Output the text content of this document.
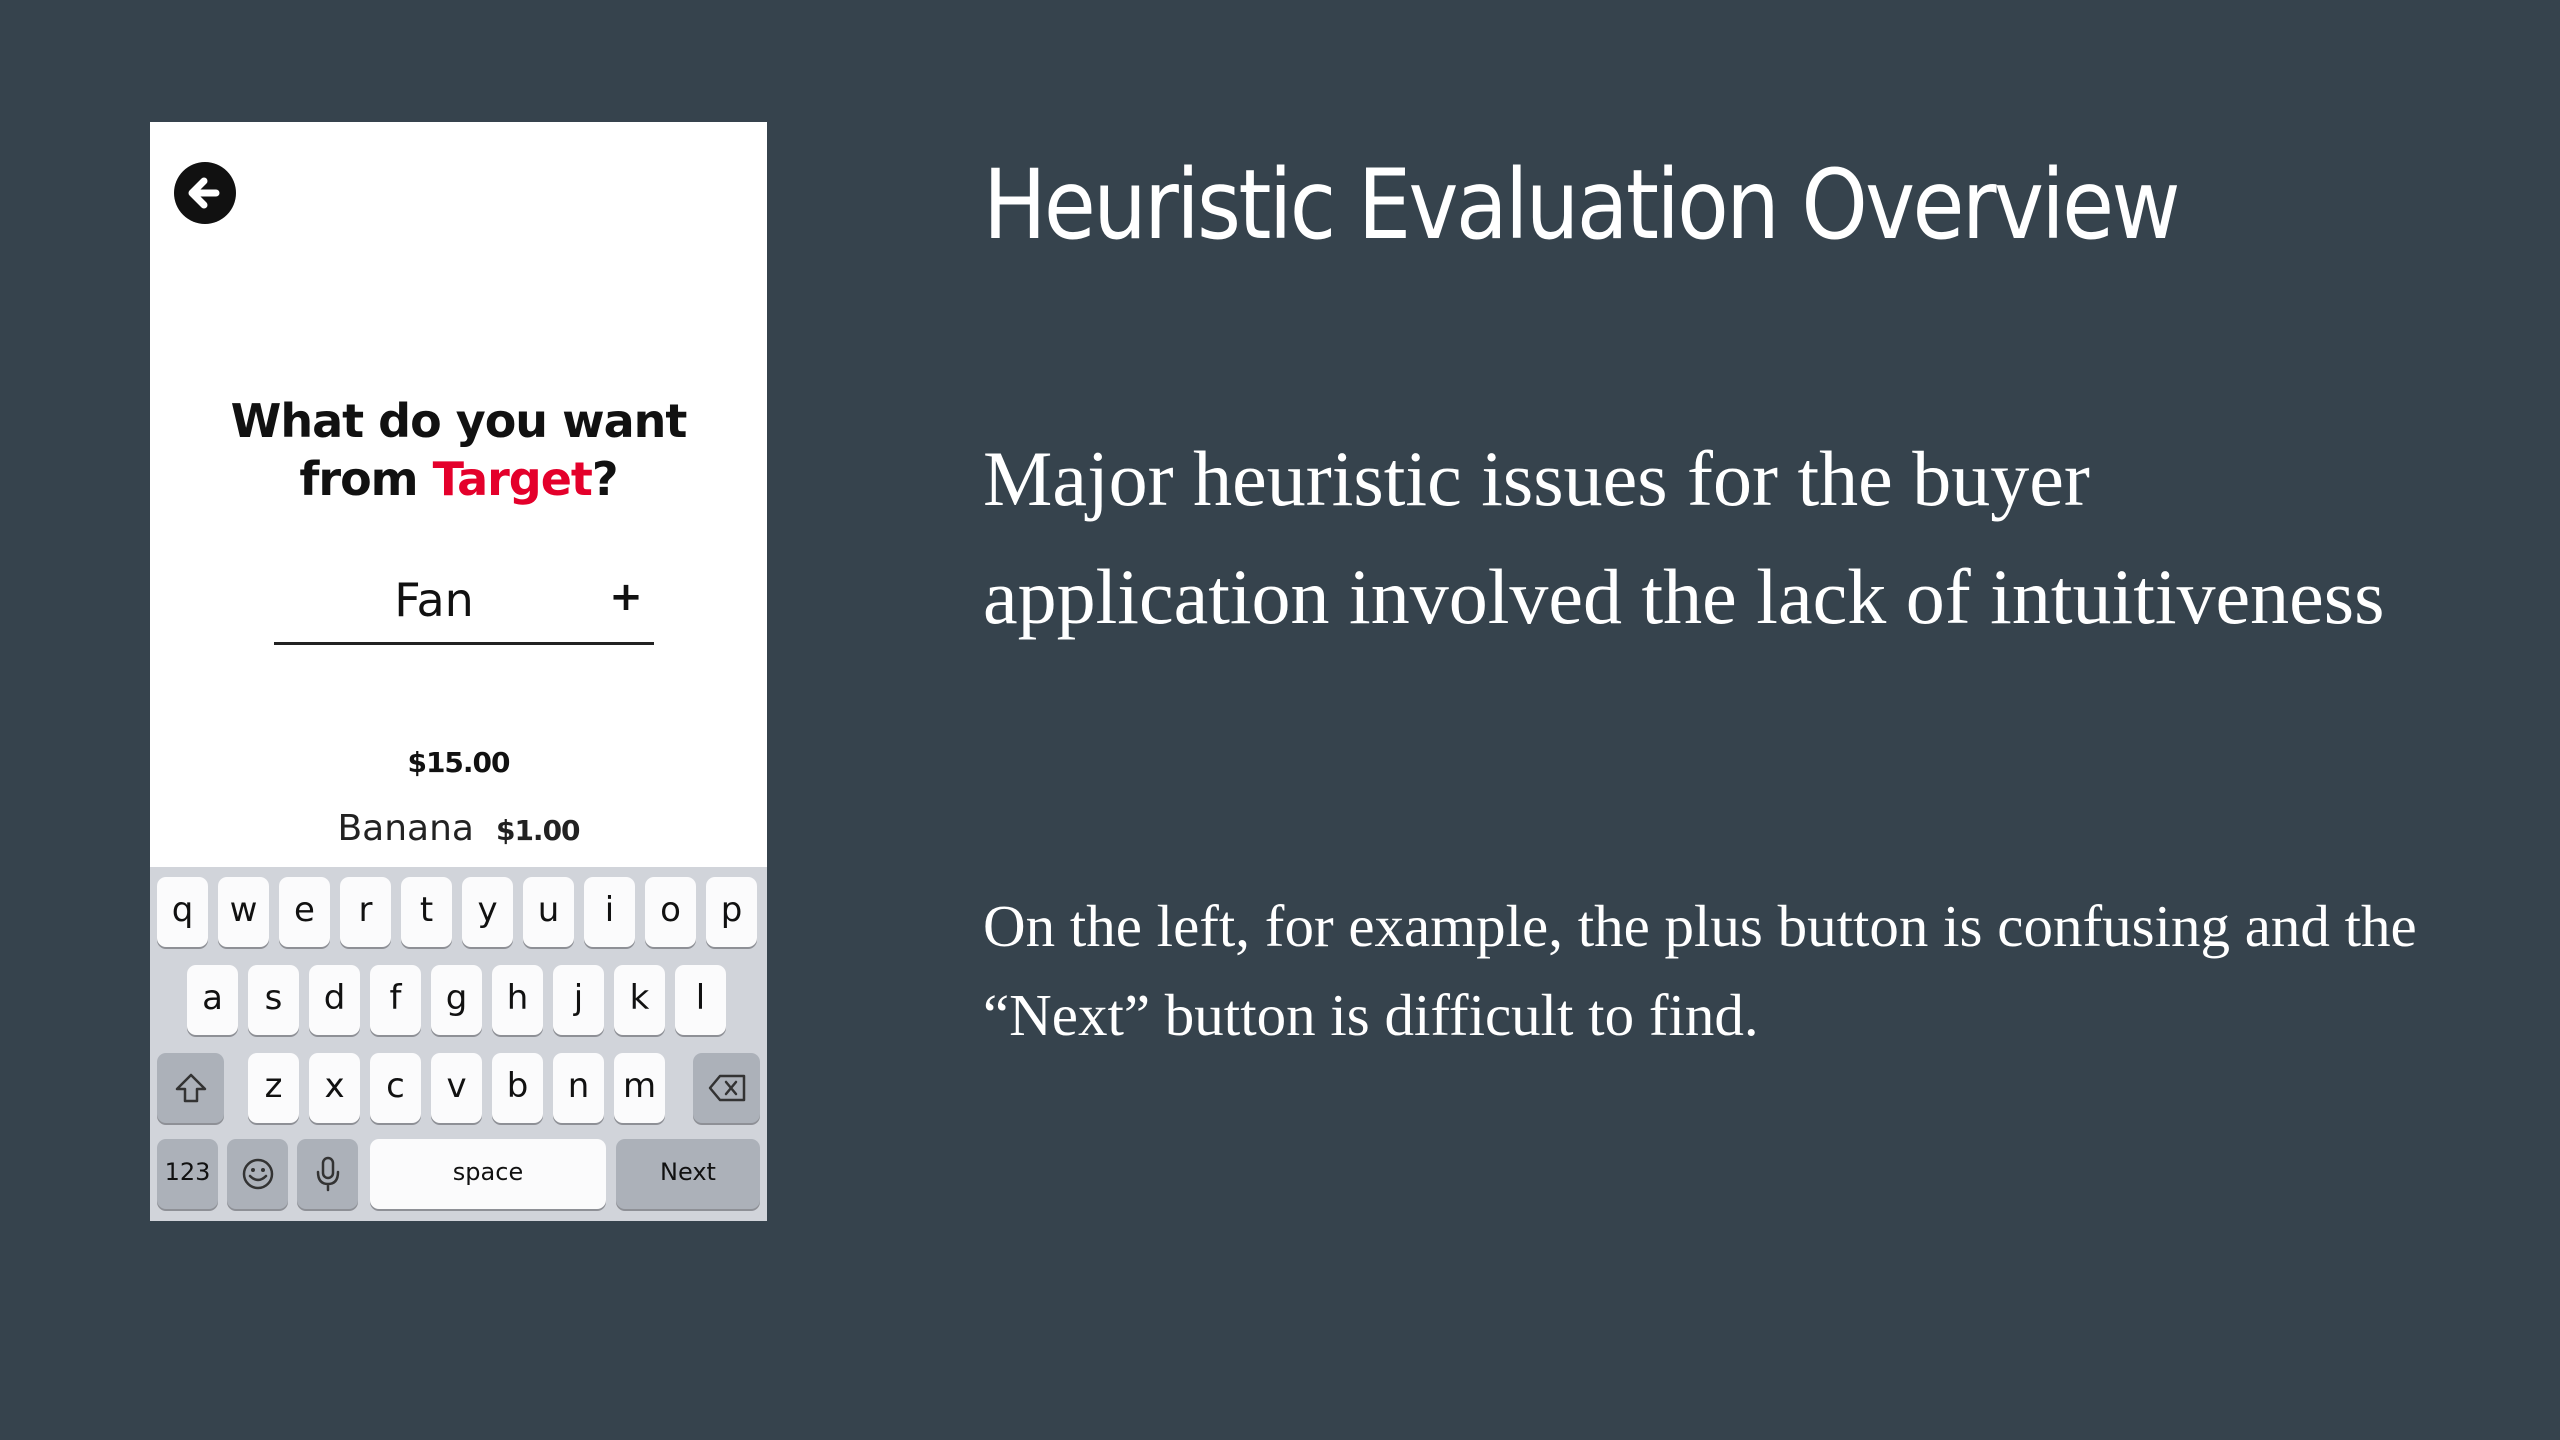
What do you want
from Target?
Fan
+
$15.00
Banana $1.00
q	w	e	r	t	y	u	i	o	p
a	s	d	f	g	h	j	k	l
z	x	c	v	b	n m
123	space	Next
Heuristic Evaluation Overview

Major heuristic issues for the buyer application involved the lack of intuitiveness

On the left, for example, the plus button is confusing and the “Next” button is difficult to find.
